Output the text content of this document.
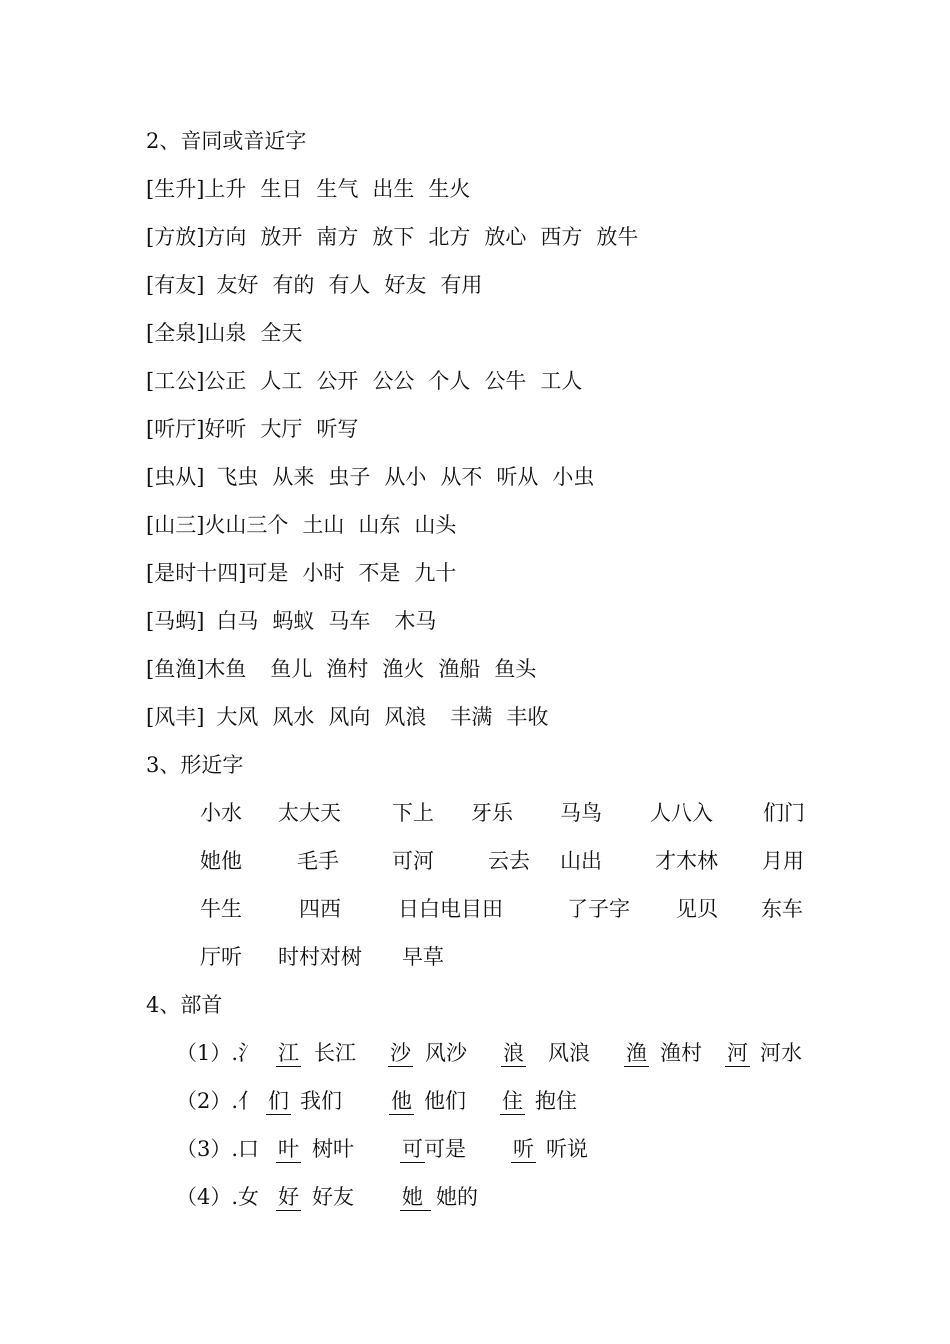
2、音同或音近字
[生升]上升 生日 生气 出生 生火
[方放]方向 放开 南方 放下 北方 放心 西方 放牛
[有友] 友好 有的 有人 好友 有用
[全泉]山泉 全天
[工公]公正 人工 公开 公公 个人 公牛 工人
[听厅]好听 大厅 听写
[虫从] 飞虫 从来 虫子 从小 从不 听从 小虫
[山三]火山三个 土山 山东 山头
[是时十四]可是 小时 不是 九十
[马蚂] 白马 蚂蚁 马车 木马
[鱼渔]木鱼 鱼儿 渔村 渔火 渔船 鱼头
[风丰] 大风 风水 风向 风浪 丰满 丰收
3、形近字
小水 太大天 下上 牙乐 马鸟 人八入 们门
她他	毛手	可河	云去 山出	才木林 月用
牛生	四西	日白电目田	了子字 见贝 东车
厅听 时村对树 早草
4、部首
（1）.氵 江 长江 沙 风沙 浪 风浪 渔 渔村 河 河水
（2）.亻 们 我们 他 他们 住 抱住
（3）.口 叶 树叶 可 可是 听 听说
（4）.女 好 好友 她 她的
